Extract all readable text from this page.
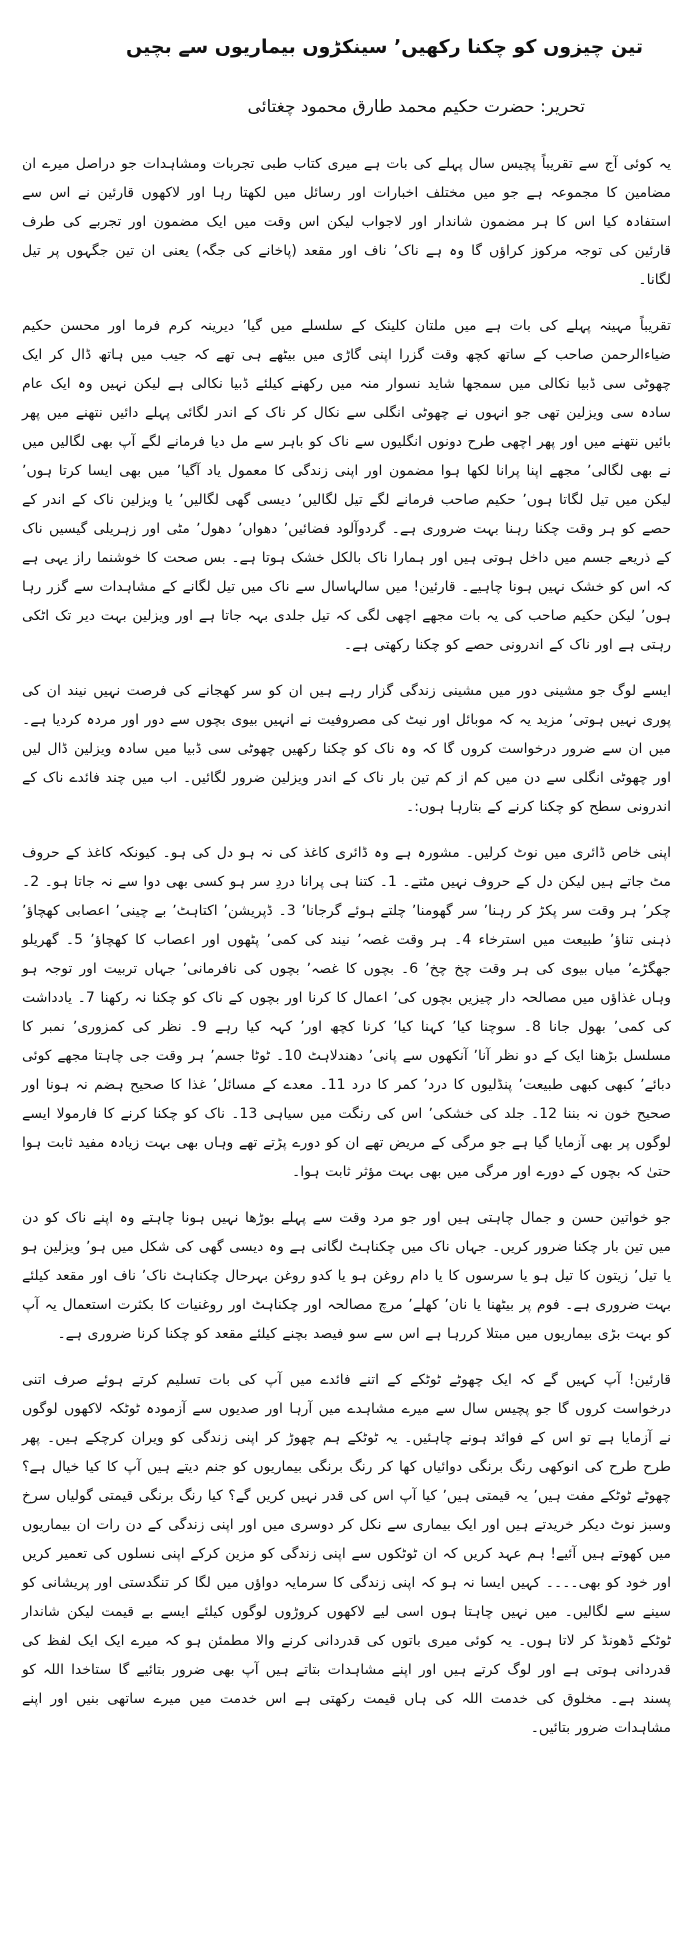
تین چیزوں کو چکنا رکھیں٬ سینکڑوں بیماریوں سے بچیں
تحریر: حضرت حکیم محمد طارق محمود چغتائی

یہ کوئی آج سے تقریباً پچیس سال پہلے کی بات ہے میری کتاب طبی تجربات ومشاہدات جو دراصل میرے ان مضامین کا مجموعہ ہے جو میں مختلف اخبارات اور رسائل میں لکھتا رہا اور لاکھوں قارئین نے اس سے استفادہ کیا اس کا ہر مضمون شاندار اور لاجواب لیکن اس وقت میں ایک مضمون اور تجربے کی طرف قارئین کی توجہ مرکوز کراؤں گا وہ ہے ناک٬ ناف اور مقعد (پاخانے کی جگہ) یعنی ان تین جگہوں پر تیل لگانا۔

تقریباً مہینہ پہلے کی بات ہے میں ملتان کلینک کے سلسلے میں گیا٬ دیرینہ کرم فرما اور محسن حکیم ضیاءالرحمن صاحب کے ساتھ کچھ وقت گزرا اپنی گاڑی میں بیٹھے ہی تھے کہ جیب میں ہاتھ ڈال کر ایک چھوٹی سی ڈبیا نکالی میں سمجھا شاید نسوار منہ میں رکھنے کیلئے ڈبیا نکالی ہے لیکن نہیں وہ ایک عام سادہ سی ویزلین تھی جو انہوں نے چھوٹی انگلی سے نکال کر ناک کے اندر لگائی پہلے دائیں نتھنے میں پھر بائیں نتھنے میں اور پھر اچھی طرح دونوں انگلیوں سے ناک کو باہر سے مل دیا فرمانے لگے آپ بھی لگالیں میں نے بھی لگالی٬ مجھے اپنا پرانا لکھا ہوا مضمون اور اپنی زندگی کا معمول یاد آگیا٬ میں بھی ایسا کرتا ہوں٬ لیکن میں تیل لگاتا ہوں٬ حکیم صاحب فرمانے لگے تیل لگالیں٬ دیسی گھی لگالیں٬ یا ویزلین ناک کے اندر کے حصے کو ہر وقت چکنا رہنا بہت ضروری ہے۔ گردوآلود فضائیں٬ دھواں٬ دھول٬ مٹی اور زہریلی گیسیں ناک کے ذریعے جسم میں داخل ہوتی ہیں اور ہمارا ناک بالکل خشک ہوتا ہے۔ بس صحت کا خوشنما راز یہی ہے کہ اس کو خشک نہیں ہونا چاہیے۔ قارئین! میں سالہاسال سے ناک میں تیل لگانے کے مشاہدات سے گزر رہا ہوں٬ لیکن حکیم صاحب کی یہ بات مجھے اچھی لگی کہ تیل جلدی بہہ جاتا ہے اور ویزلین بہت دیر تک اٹکی رہتی ہے اور ناک کے اندرونی حصے کو چکنا رکھتی ہے۔

ایسے لوگ جو مشینی دور میں مشینی زندگی گزار رہے ہیں ان کو سر کھجانے کی فرصت نہیں نیند ان کی پوری نہیں ہوتی٬ مزید یہ کہ موبائل اور نیٹ کی مصروفیت نے انہیں بیوی بچوں سے دور اور مردہ کردیا ہے۔ میں ان سے ضرور درخواست کروں گا کہ وہ ناک کو چکنا رکھیں چھوٹی سی ڈبیا میں سادہ ویزلین ڈال لیں اور چھوٹی انگلی سے دن میں کم از کم تین بار ناک کے اندر ویزلین ضرور لگائیں۔ اب میں چند فائدے ناک کے اندرونی سطح کو چکنا کرنے کے بتارہا ہوں:۔

اپنی خاص ڈائری میں نوٹ کرلیں۔ مشورہ ہے وہ ڈائری کاغذ کی نہ ہو دل کی ہو۔ کیونکہ کاغذ کے حروف مٹ جاتے ہیں لیکن دل کے حروف نہیں مٹتے۔ 1۔ کتنا ہی پرانا دردِ سر ہو کسی بھی دوا سے نہ جاتا ہو۔ 2۔ چکر٬ ہر وقت سر پکڑ کر رہنا٬ سر گھومنا٬ چلتے ہوئے گرجانا٬ 3۔ ڈپریشن٬ اکتاہٹ٬ بے چینی٬ اعصابی کھچاؤ٬ ذہنی تناؤ٬ طبیعت میں استرخاء 4۔ ہر وقت غصہ٬ نیند کی کمی٬ پٹھوں اور اعصاب کا کھچاؤ٬ 5۔ گھریلو جھگڑے٬ میاں بیوی کی ہر وقت چخ چخ٬ 6۔ بچوں کا غصہ٬ بچوں کی نافرمانی٬ جہاں تربیت اور توجہ ہو وہاں غذاؤں میں مصالحہ دار چیزیں بچوں کی٬ اعمال کا کرنا اور بچوں کے ناک کو چکنا نہ رکھنا 7۔ یادداشت کی کمی٬ بھول جانا 8۔ سوچنا کیا٬ کہنا کیا٬ کرنا کچھ اور٬ کہہ کیا رہے 9۔ نظر کی کمزوری٬ نمبر کا مسلسل بڑھنا ایک کے دو نظر آنا٬ آنکھوں سے پانی٬ دھندلاہٹ 10۔ ٹوٹا جسم٬ ہر وقت جی چاہتا مجھے کوئی دبائے٬ کبھی کبھی طبیعت٬ پنڈلیوں کا درد٬ کمر کا درد 11۔ معدے کے مسائل٬ غذا کا صحیح ہضم نہ ہونا اور صحیح خون نہ بننا 12۔ جلد کی خشکی٬ اس کی رنگت میں سیاہی 13۔ ناک کو چکنا کرنے کا فارمولا ایسے لوگوں پر بھی آزمایا گیا ہے جو مرگی کے مریض تھے ان کو دورے پڑتے تھے وہاں بھی بہت زیادہ مفید ثابت ہوا حتیٰ کہ بچوں کے دورے اور مرگی میں بھی بہت مؤثر ثابت ہوا۔

جو خواتین حسن و جمال چاہتی ہیں اور جو مرد وقت سے پہلے بوڑھا نہیں ہونا چاہتے وہ اپنے ناک کو دن میں تین بار چکنا ضرور کریں۔ جہاں ناک میں چکناہٹ لگانی ہے وہ دیسی گھی کی شکل میں ہو٬ ویزلین ہو یا تیل٬ زیتون کا تیل ہو یا سرسوں کا یا دام روغن ہو یا کدو روغن بہرحال چکناہٹ ناک٬ ناف اور مقعد کیلئے بہت ضروری ہے۔ فوم پر بیٹھنا یا نان٬ کھلے٬ مرچ مصالحہ اور چکناہٹ اور روغنیات کا بکثرت استعمال یہ آپ کو بہت بڑی بیماریوں میں مبتلا کررہا ہے اس سے سو فیصد بچنے کیلئے مقعد کو چکنا کرنا ضروری ہے۔

قارئین! آپ کہیں گے کہ ایک چھوٹے ٹوٹکے کے اتنے فائدے میں آپ کی بات تسلیم کرتے ہوئے صرف اتنی درخواست کروں گا جو پچیس سال سے میرے مشاہدے میں آرہا اور صدیوں سے آزمودہ ٹوٹکہ لاکھوں لوگوں نے آزمایا ہے تو اس کے فوائد ہونے چاہئیں۔ یہ ٹوٹکے ہم چھوڑ کر اپنی زندگی کو ویران کرچکے ہیں۔ پھر طرح طرح کی انوکھی رنگ برنگی دوائیاں کھا کر رنگ برنگی بیماریوں کو جنم دیتے ہیں آپ کا کیا خیال ہے؟ چھوٹے ٹوٹکے مفت ہیں٬ یہ قیمتی ہیں٬ کیا آپ اس کی قدر نہیں کریں گے؟ کیا رنگ برنگی قیمتی گولیاں سرخ وسبز نوٹ دیکر خریدتے ہیں اور ایک بیماری سے نکل کر دوسری میں اور اپنی زندگی کے دن رات ان بیماریوں میں کھوتے ہیں آئیے! ہم عہد کریں کہ ان ٹوٹکوں سے اپنی زندگی کو مزین کرکے اپنی نسلوں کی تعمیر کریں اور خود کو بھی۔۔۔۔ کہیں ایسا نہ ہو کہ اپنی زندگی کا سرمایہ دواؤں میں لگا کر تنگدستی اور پریشانی کو سینے سے لگالیں۔ میں نہیں چاہتا ہوں اسی لیے لاکھوں کروڑوں لوگوں کیلئے ایسے بے قیمت لیکن شاندار ٹوٹکے ڈھونڈ کر لاتا ہوں۔ یہ کوئی میری باتوں کی قدردانی کرنے والا مطمئن ہو کہ میرے ایک ایک لفظ کی قدردانی ہوتی ہے اور لوگ کرتے ہیں اور اپنے مشاہدات بتاتے ہیں آپ بھی ضرور بتائیے گا ستاخدا اللہ کو پسند ہے۔ مخلوق کی خدمت اللہ کی ہاں قیمت رکھتی ہے اس خدمت میں میرے ساتھی بنیں اور اپنے مشاہدات ضرور بتائیں۔
